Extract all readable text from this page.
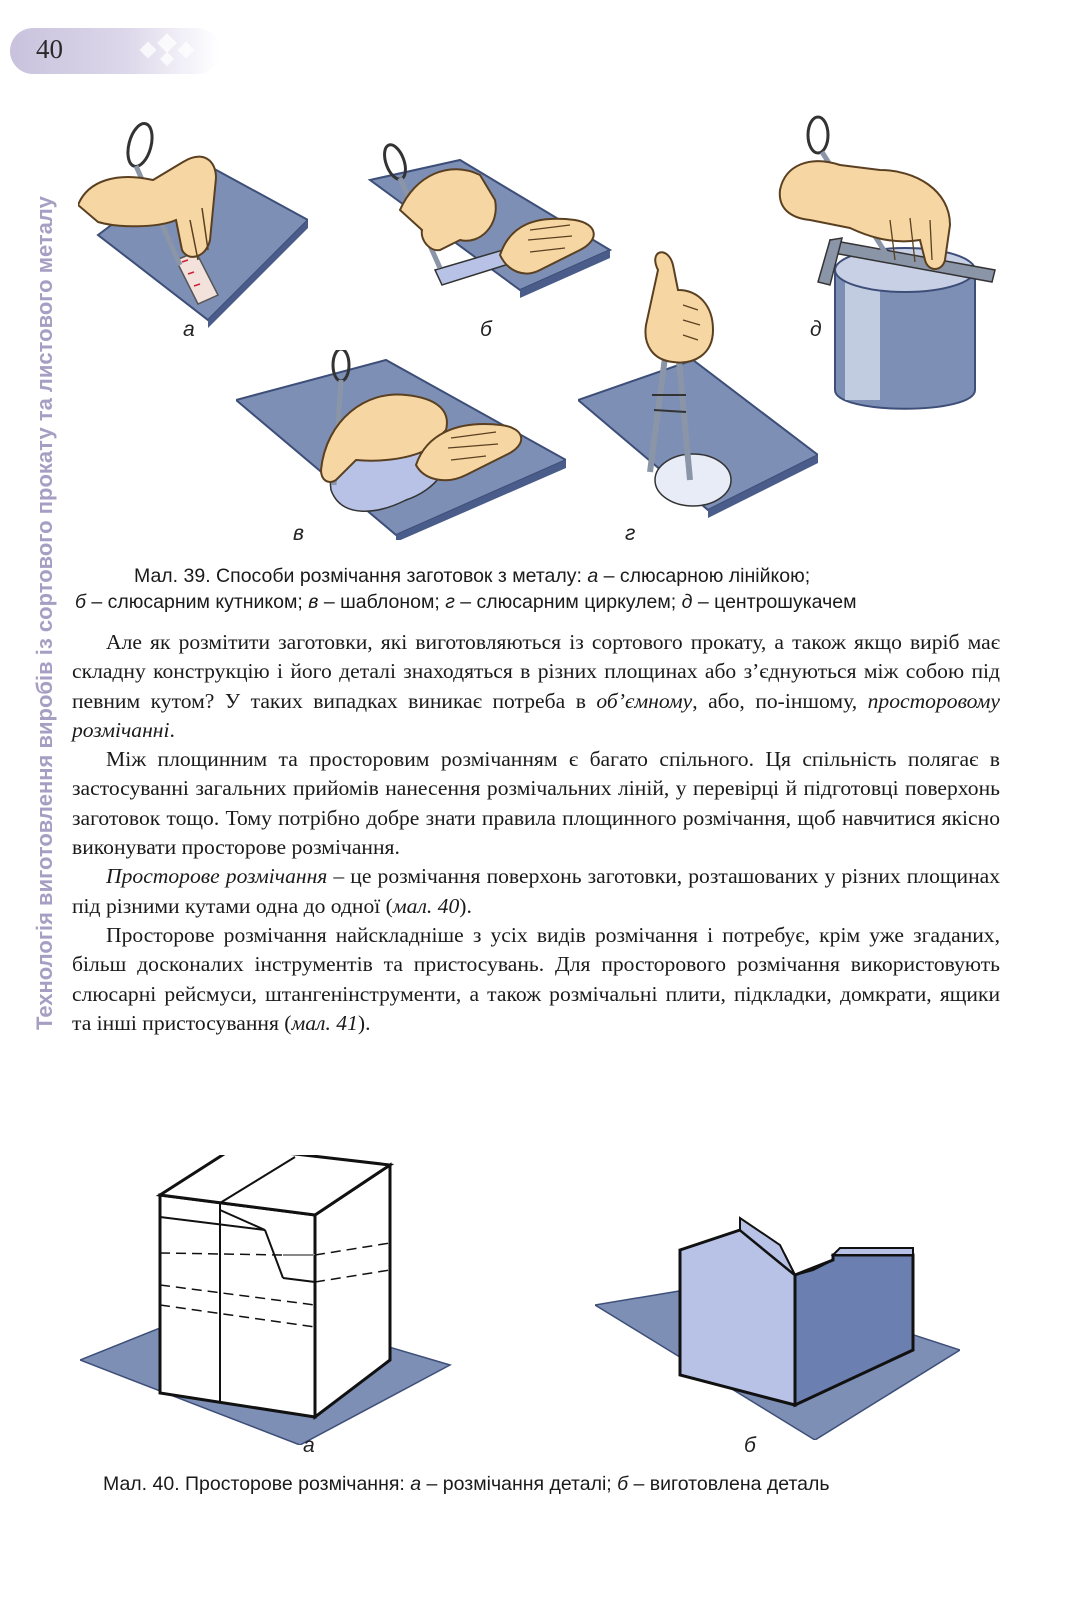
40
Технологія виготовлення виробів із сортового прокату та листового металу	а	б	д
в	г
Мал. 39. Способи розмічання заготовок з металу: а – слюсарною лінійкою;
б – слюсарним кутником; в – шаблоном; г – слюсарним циркулем; д – центрошукачем

Але як розмітити заготовки, які виготовляються із сортового прокату, а також якщо виріб має складну конструкцію і його деталі знаходяться в різних площинах або з’єднуються між собою під певним кутом? У таких випадках виникає потреба в об’ємному, або, по-іншому, просторовому розмічанні.

Між площинним та просторовим розмічанням є багато спільного. Ця спільність полягає в застосуванні загальних прийомів нанесення розмічальних ліній, у перевірці й підготовці поверхонь заготовок тощо. Тому потрібно добре знати правила площинного розмічання, щоб навчитися якісно виконувати просторове розмічання.

Просторове розмічання – це розмічання поверхонь заготовки, розташованих у різних площинах під різними кутами одна до одної (мал. 40).

Просторове розмічання найскладніше з усіх видів розмічання і потребує, крім уже згаданих, більш досконалих інструментів та пристосувань. Для просторового розмічання використовують слюсарні рейсмуси, штангенінструменти, а також розмічальні плити, підкладки, домкрати, ящики та інші пристосування (мал. 41).

а	б
Мал. 40. Просторове розмічання: а – розмічання деталі; б – виготовлена деталь
